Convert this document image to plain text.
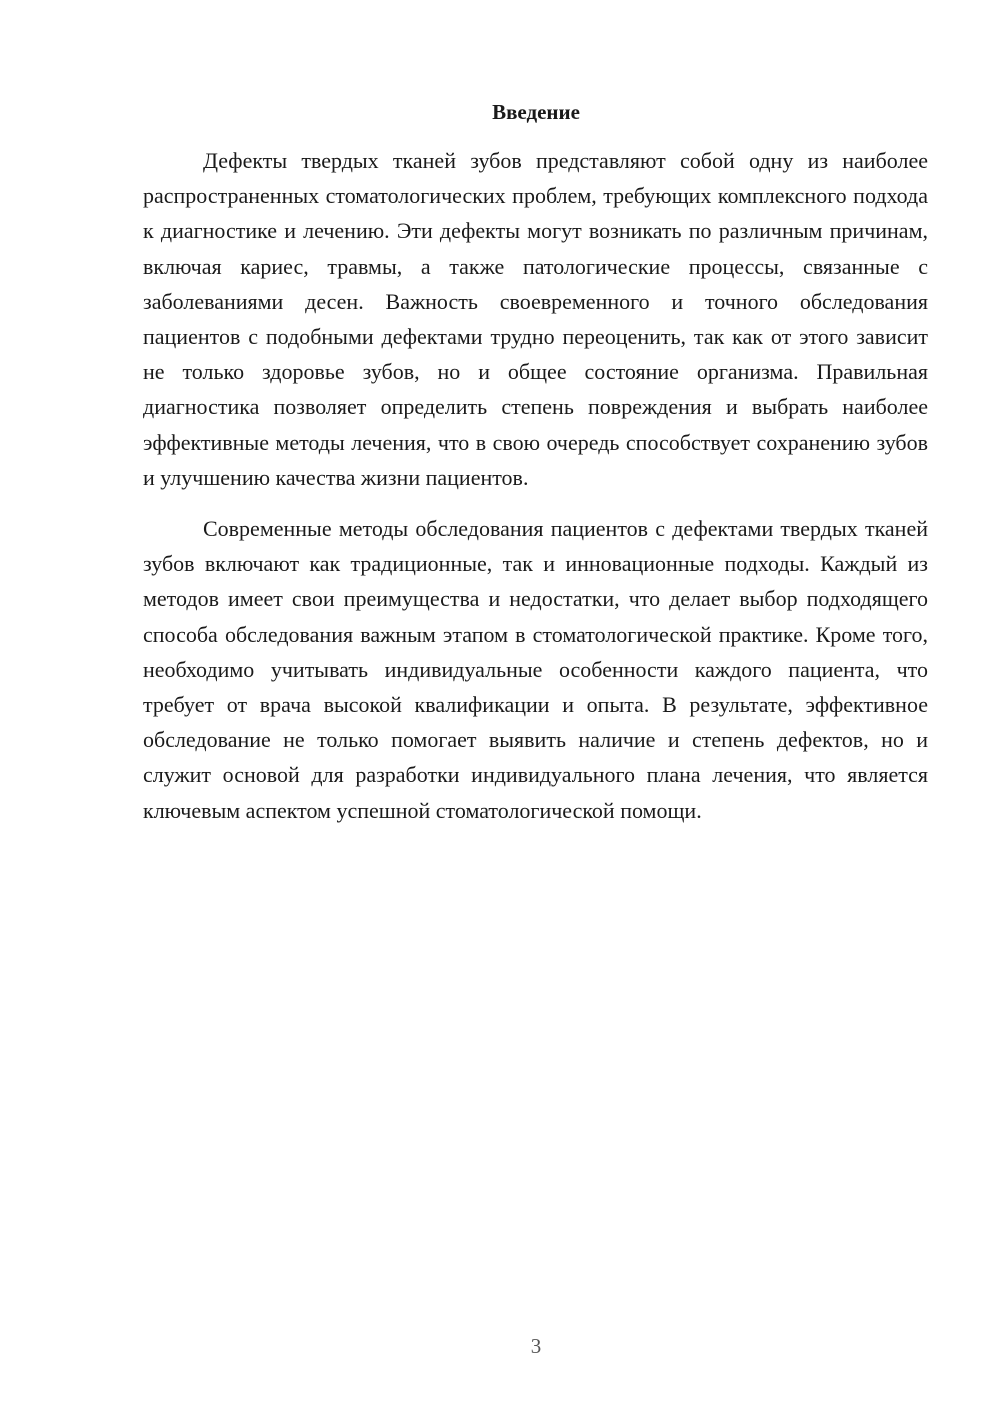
Введение

Дефекты твердых тканей зубов представляют собой одну из наиболее распространенных стоматологических проблем, требующих комплексного подхода к диагностике и лечению. Эти дефекты могут возникать по различным причинам, включая кариес, травмы, а также патологические процессы, связанные с заболеваниями десен. Важность своевременного и точного обследования пациентов с подобными дефектами трудно переоценить, так как от этого зависит не только здоровье зубов, но и общее состояние организма. Правильная диагностика позволяет определить степень повреждения и выбрать наиболее эффективные методы лечения, что в свою очередь способствует сохранению зубов и улучшению качества жизни пациентов.

Современные методы обследования пациентов с дефектами твердых тканей зубов включают как традиционные, так и инновационные подходы. Каждый из методов имеет свои преимущества и недостатки, что делает выбор подходящего способа обследования важным этапом в стоматологической практике. Кроме того, необходимо учитывать индивидуальные особенности каждого пациента, что требует от врача высокой квалификации и опыта. В результате, эффективное обследование не только помогает выявить наличие и степень дефектов, но и служит основой для разработки индивидуального плана лечения, что является ключевым аспектом успешной стоматологической помощи.

3
